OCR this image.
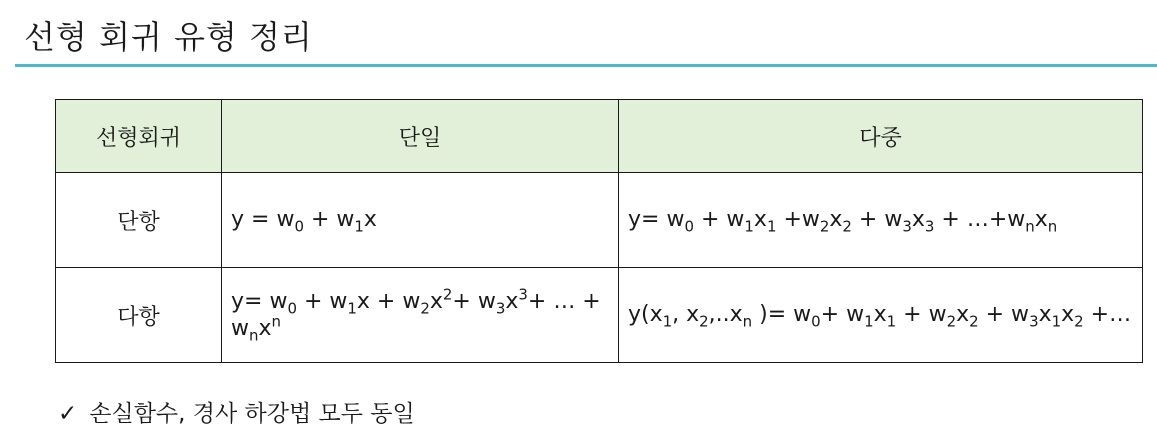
선형 회귀 유형 정리
선형회귀	단일	다중
단항	$y = w_0 + w_1x$	$y= w_0 + w_1x_1 +w_2x_2 + w_3x_3$ + $\dots+w_nx_n$
다항	$y= w_0 + w_1x + w_2x^2+ w_3x^3+$ … + $w_nx^n$	$y(x_1$, $x_2,..x_n$ )= $w_0+ w_1x_1 + w_2x_2 + w_3x_1x_2$ +…
✓ 손실함수, 경사 하강법 모두 동일
